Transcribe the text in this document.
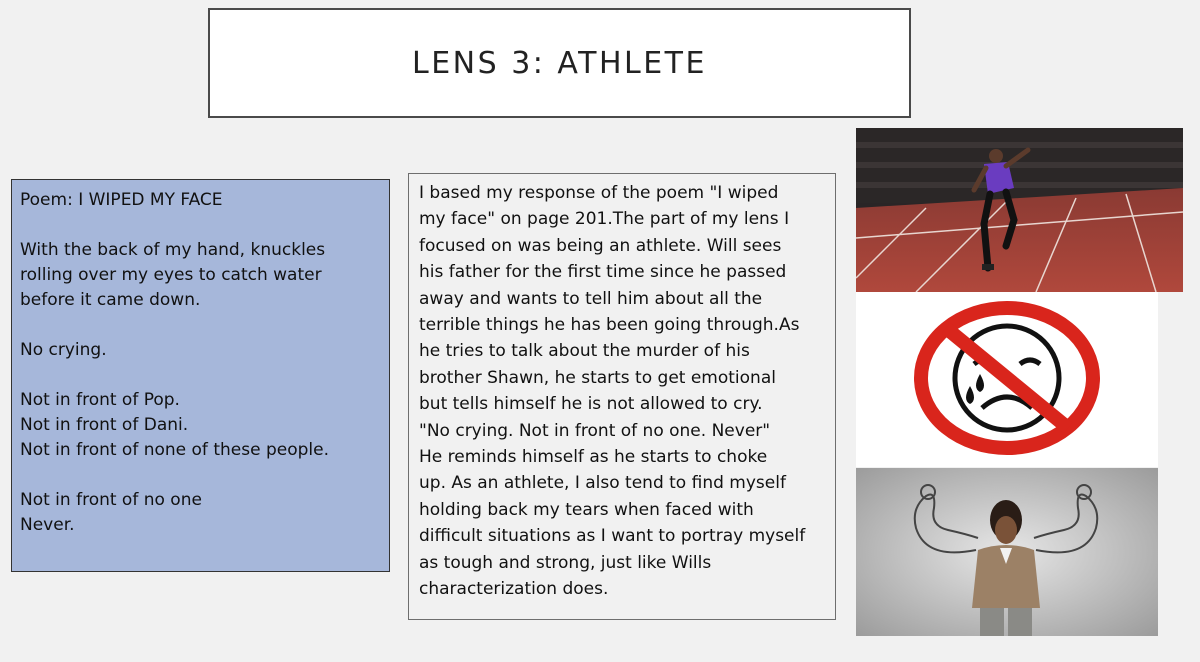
LENS 3: ATHLETE
Poem: I WIPED MY FACE
With the back of my hand, knuckles
rolling over my eyes to catch water
before it came down.
No crying.
Not in front of Pop.
Not in front of Dani.
Not in front of none of these people.
Not in front of no one
Never.
I based my response of the poem "I wiped
my face" on page 201.The part of my lens I
focused on was being an athlete. Will sees
his father for the first time since he passed
away and wants to tell him about all the
terrible things he has been going through.As
he tries to talk about the murder of his
brother Shawn, he starts to get emotional
but tells himself he is not allowed to cry.
"No crying. Not in front of no one. Never"
He reminds himself as he starts to choke
up. As an athlete, I also tend to find myself
holding back my tears when faced with
difficult situations as I want to portray myself
as tough and strong, just like Wills
characterization does.
